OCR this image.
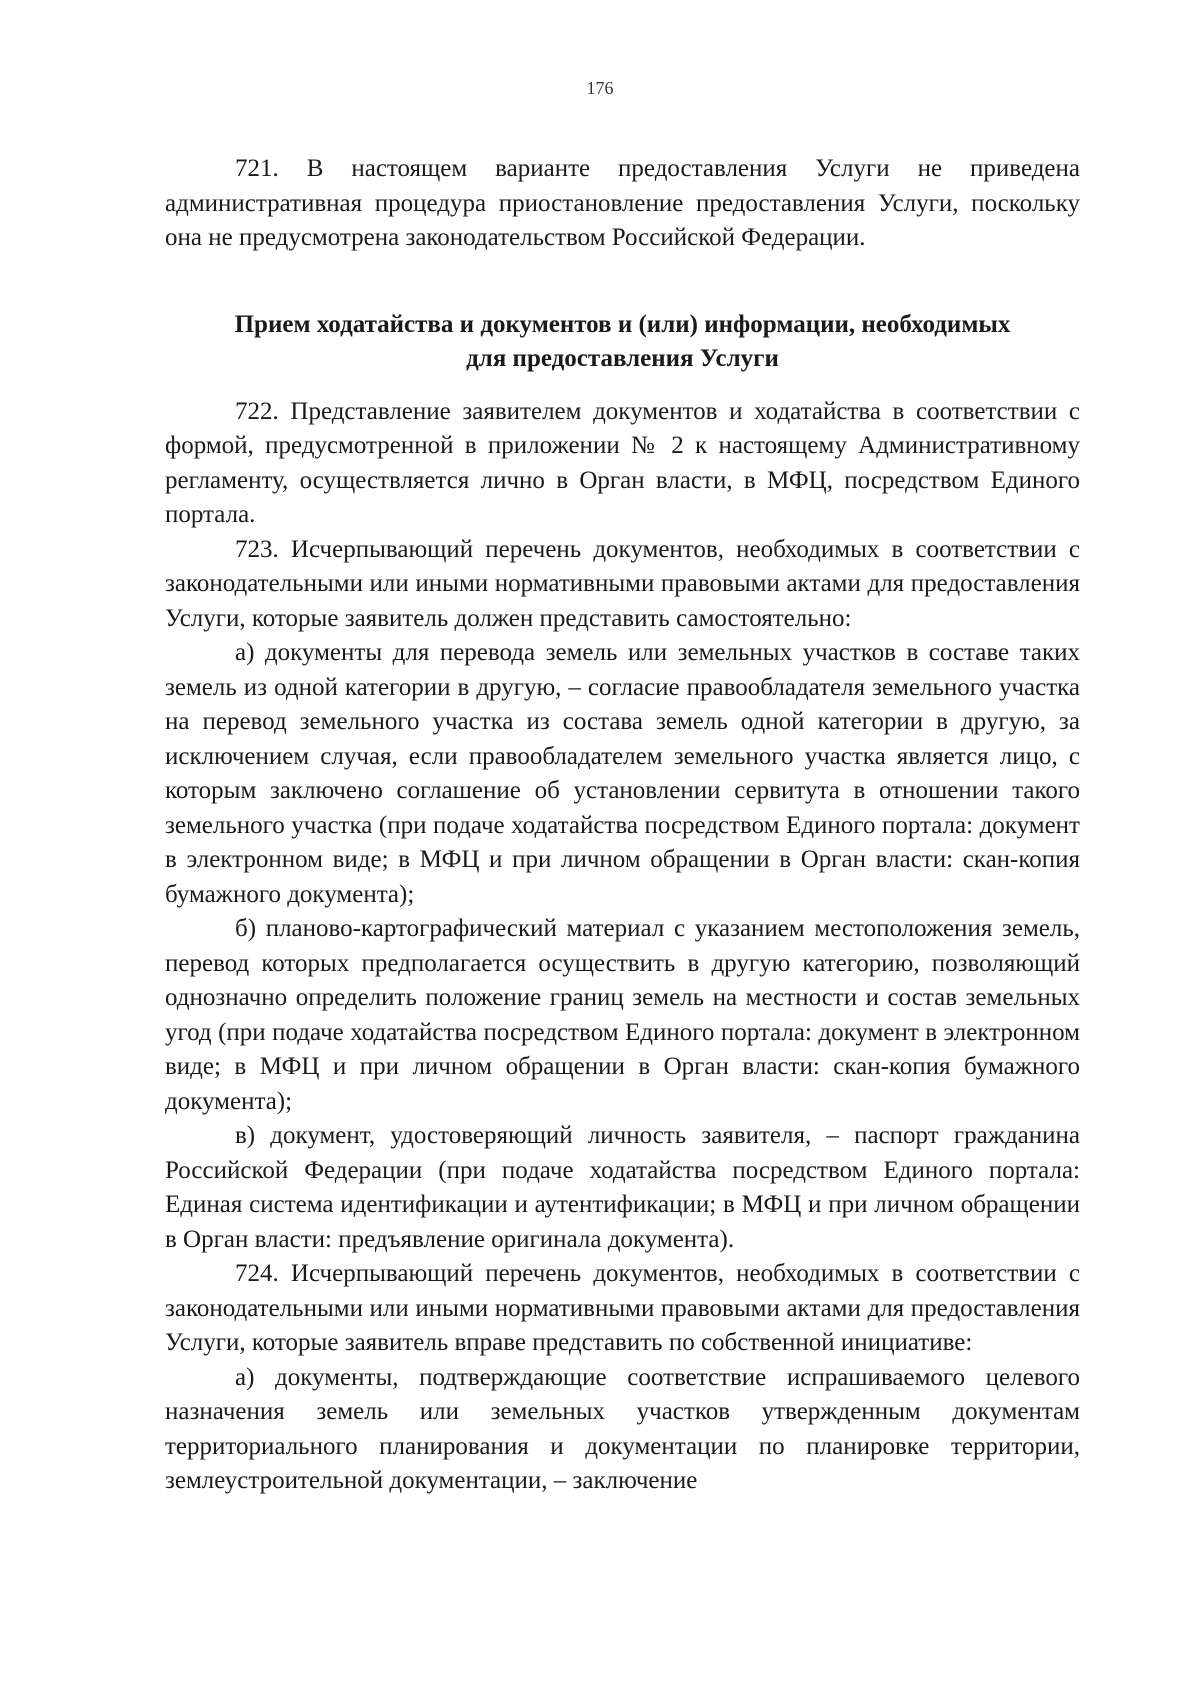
176

721. В настоящем варианте предоставления Услуги не приведена административная процедура приостановление предоставления Услуги, поскольку она не предусмотрена законодательством Российской Федерации.

Прием ходатайства и документов и (или) информации, необходимых
для предоставления Услуги

722. Представление заявителем документов и ходатайства в соответствии с формой, предусмотренной в приложении № 2 к настоящему Административному регламенту, осуществляется лично в Орган власти, в МФЦ, посредством Единого портала.

723. Исчерпывающий перечень документов, необходимых в соответствии с законодательными или иными нормативными правовыми актами для предоставления Услуги, которые заявитель должен представить самостоятельно:

а) документы для перевода земель или земельных участков в составе таких земель из одной категории в другую, – согласие правообладателя земельного участка на перевод земельного участка из состава земель одной категории в другую, за исключением случая, если правообладателем земельного участка является лицо, с которым заключено соглашение об установлении сервитута в отношении такого земельного участка (при подаче ходатайства посредством Единого портала: документ в электронном виде; в МФЦ и при личном обращении в Орган власти: скан-копия бумажного документа);

б) планово-картографический материал с указанием местоположения земель, перевод которых предполагается осуществить в другую категорию, позволяющий однозначно определить положение границ земель на местности и состав земельных угод (при подаче ходатайства посредством Единого портала: документ в электронном виде; в МФЦ и при личном обращении в Орган власти: скан-копия бумажного документа);

в) документ, удостоверяющий личность заявителя, – паспорт гражданина Российской Федерации (при подаче ходатайства посредством Единого портала: Единая система идентификации и аутентификации; в МФЦ и при личном обращении в Орган власти: предъявление оригинала документа).

724. Исчерпывающий перечень документов, необходимых в соответствии с законодательными или иными нормативными правовыми актами для предоставления Услуги, которые заявитель вправе представить по собственной инициативе:

а) документы, подтверждающие соответствие испрашиваемого целевого назначения земель или земельных участков утвержденным документам территориального планирования и документации по планировке территории, землеустроительной документации, – заключение
